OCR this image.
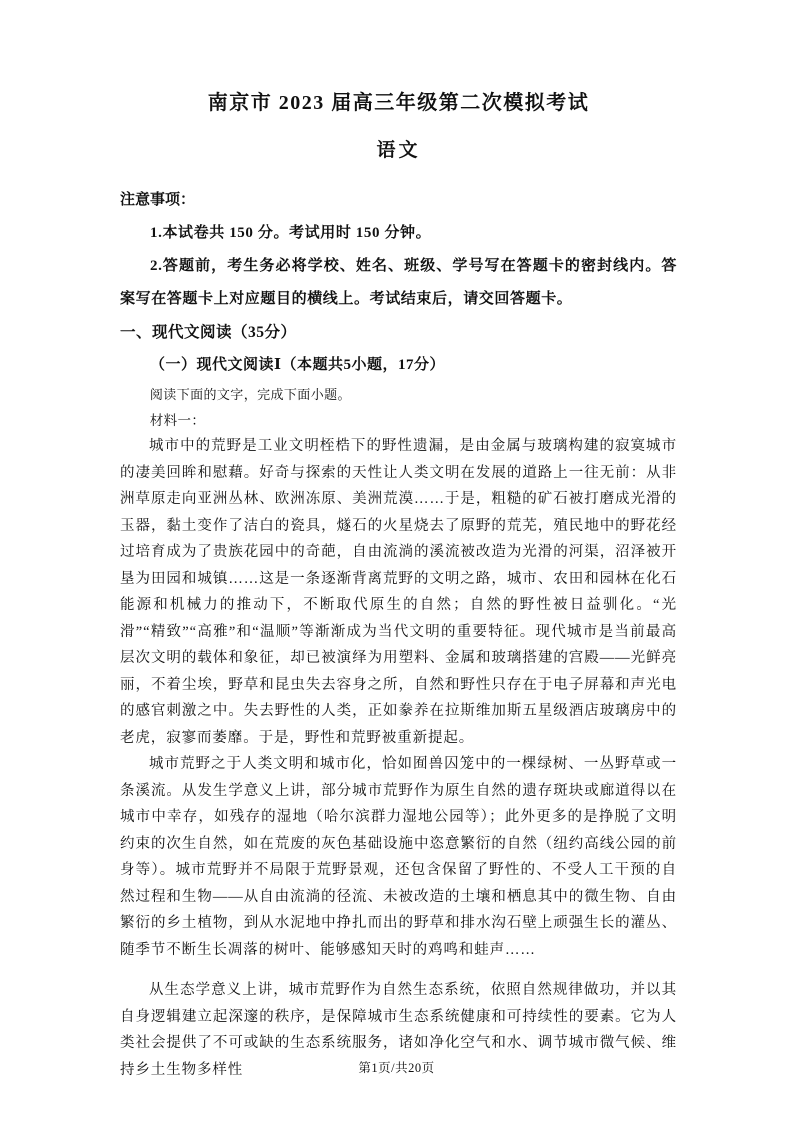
南京市 2023 届高三年级第二次模拟考试
语文

注意事项：

1.本试卷共 150 分。考试用时 150 分钟。

2.答题前，考生务必将学校、姓名、班级、学号写在答题卡的密封线内。答案写在答题卡上对应题目的横线上。考试结束后，请交回答题卡。

一、现代文阅读（35分）

（一）现代文阅读Ⅰ（本题共5小题，17分）

阅读下面的文字，完成下面小题。

材料一：

城市中的荒野是工业文明桎梏下的野性遗漏，是由金属与玻璃构建的寂寞城市的凄美回眸和慰藉。好奇与探索的天性让人类文明在发展的道路上一往无前：从非洲草原走向亚洲丛林、欧洲冻原、美洲荒漠……于是，粗糙的矿石被打磨成光滑的玉器，黏土变作了洁白的瓷具，燧石的火星烧去了原野的荒芜，殖民地中的野花经过培育成为了贵族花园中的奇葩，自由流淌的溪流被改造为光滑的河渠，沼泽被开垦为田园和城镇……这是一条逐渐背离荒野的文明之路，城市、农田和园林在化石能源和机械力的推动下，不断取代原生的自然；自然的野性被日益驯化。“光滑”“精致”“高雅”和“温顺”等渐渐成为当代文明的重要特征。现代城市是当前最高层次文明的载体和象征，却已被演绎为用塑料、金属和玻璃搭建的宫殿——光鲜亮丽，不着尘埃，野草和昆虫失去容身之所，自然和野性只存在于电子屏幕和声光电的感官刺激之中。失去野性的人类，正如豢养在拉斯维加斯五星级酒店玻璃房中的老虎，寂寥而萎靡。于是，野性和荒野被重新提起。

城市荒野之于人类文明和城市化，恰如囿兽囚笼中的一棵绿树、一丛野草或一条溪流。从发生学意义上讲，部分城市荒野作为原生自然的遗存斑块或廊道得以在城市中幸存，如残存的湿地（哈尔滨群力湿地公园等）；此外更多的是挣脱了文明约束的次生自然，如在荒废的灰色基础设施中恣意繁衍的自然（纽约高线公园的前身等）。城市荒野并不局限于荒野景观，还包含保留了野性的、不受人工干预的自然过程和生物——从自由流淌的径流、未被改造的土壤和栖息其中的微生物、自由繁衍的乡土植物，到从水泥地中挣扎而出的野草和排水沟石壁上顽强生长的灌丛、随季节不断生长凋落的树叶、能够感知天时的鸡鸣和蛙声……

从生态学意义上讲，城市荒野作为自然生态系统，依照自然规律做功，并以其自身逻辑建立起深邃的秩序，是保障城市生态系统健康和可持续性的要素。它为人类社会提供了不可或缺的生态系统服务，诸如净化空气和水、调节城市微气候、维持乡土生物多样性	第1页/共20页
